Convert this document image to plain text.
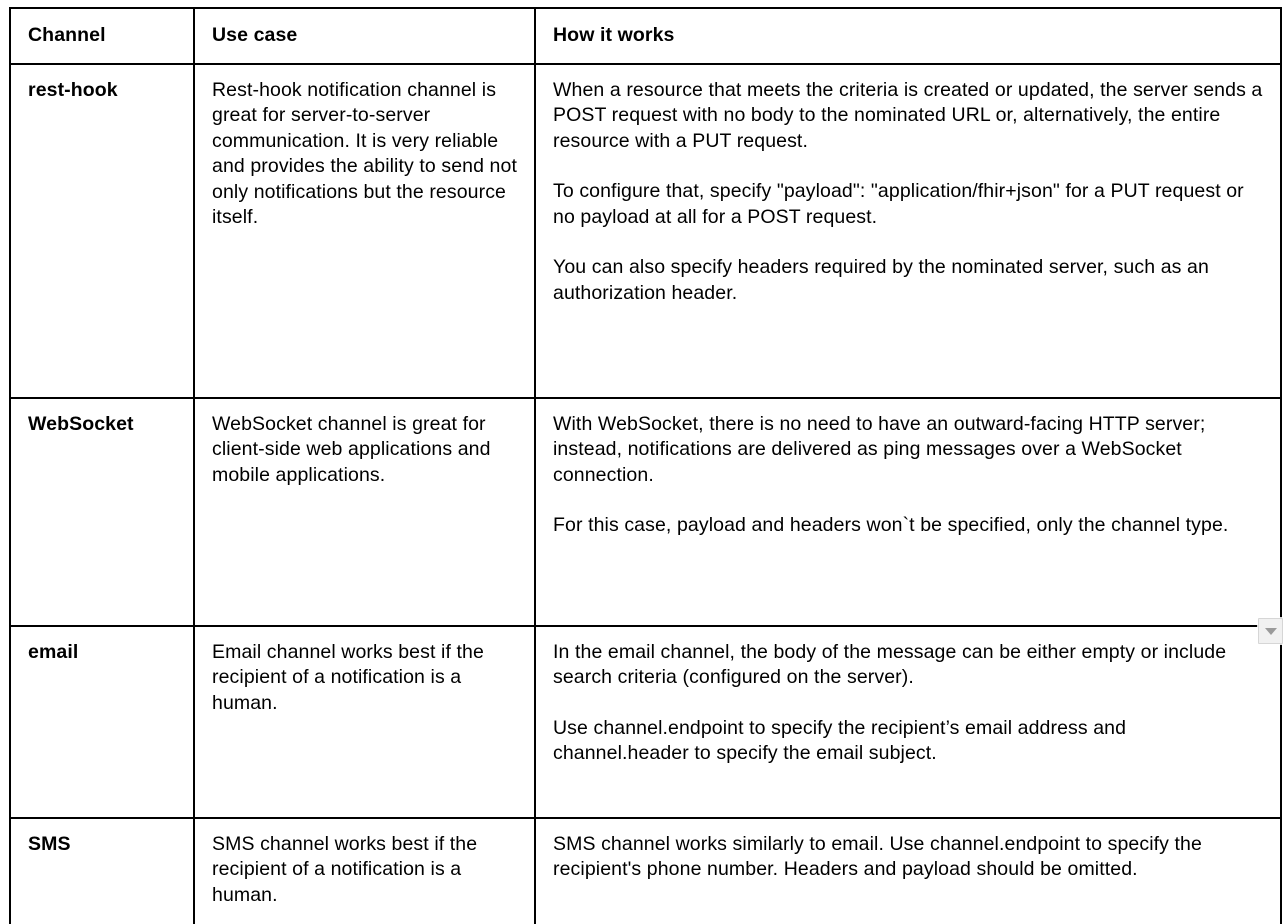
Channel	Use case	How it works
rest-hook	Rest-hook notification channel is great for server-to-server communication. It is very reliable and provides the ability to send not only notifications but the resource itself.	When a resource that meets the criteria is created or updated, the server sends a POST request with no body to the nominated URL or, alternatively, the entire resource with a PUT request.

To configure that, specify "payload": "application/fhir+json" for a PUT request or no payload at all for a POST request.

You can also specify headers required by the nominated server, such as an authorization header.

WebSocket	WebSocket channel is great for client-side web applications and mobile applications.	With WebSocket, there is no need to have an outward-facing HTTP server; instead, notifications are delivered as ping messages over a WebSocket connection.

For this case, payload and headers won`t be specified, only the channel type.

email	Email channel works best if the recipient of a notification is a human.	In the email channel, the body of the message can be either empty or include search criteria (configured on the server).

Use channel.endpoint to specify the recipient’s email address and channel.header to specify the email subject.

SMS	SMS channel works best if the recipient of a notification is a human.	SMS channel works similarly to email. Use channel.endpoint to specify the recipient's phone number. Headers and payload should be omitted.
